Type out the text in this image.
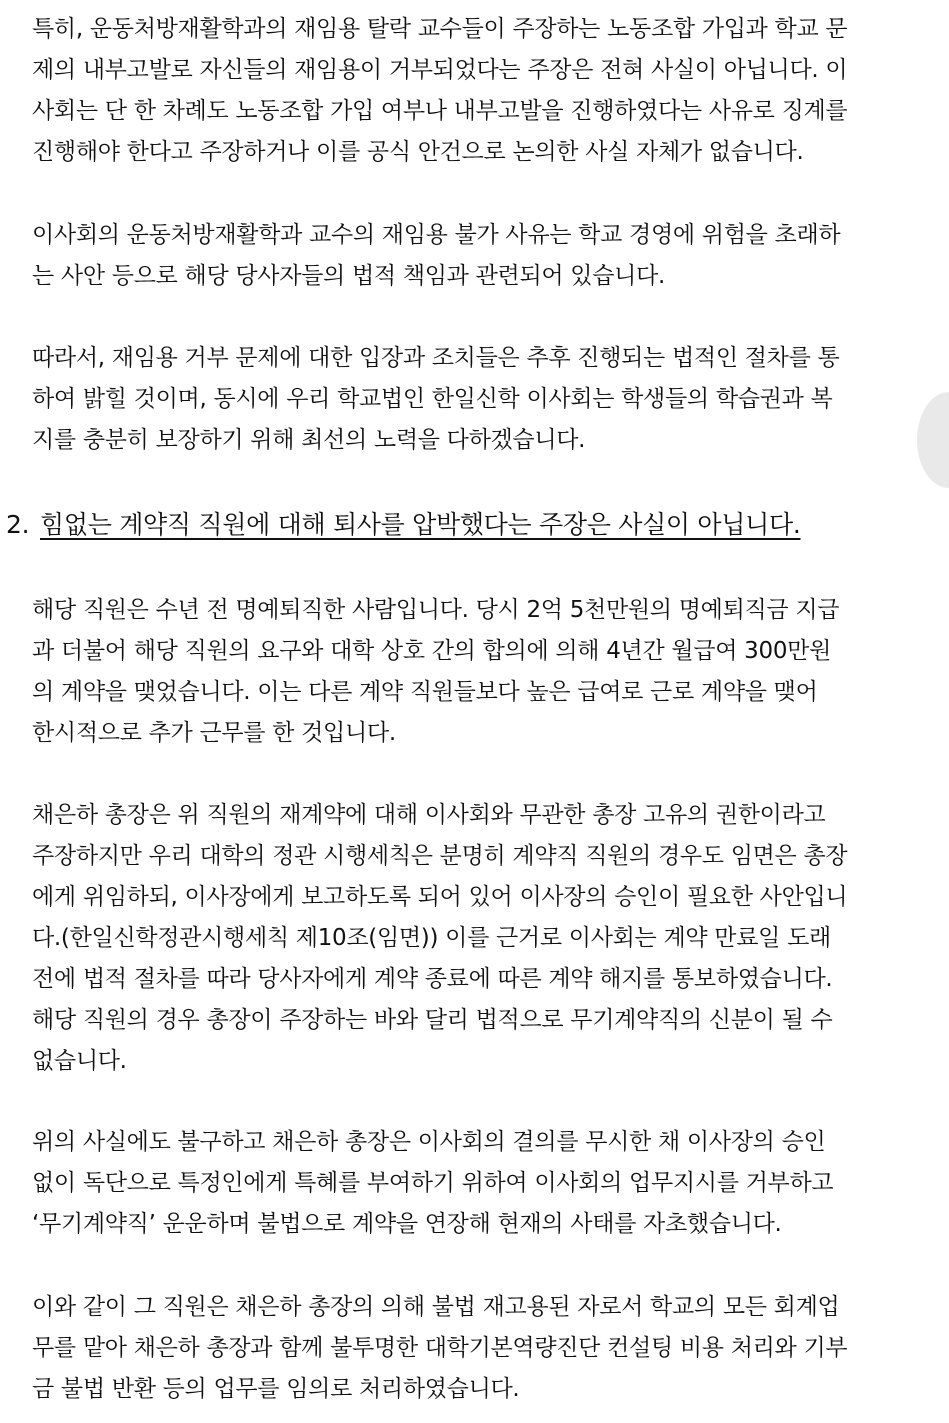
특히, 운동처방재활학과의 재임용 탈락 교수들이 주장하는 노동조합 가입과 학교 문
제의 내부고발로 자신들의 재임용이 거부되었다는 주장은 전혀 사실이 아닙니다. 이
사회는 단 한 차례도 노동조합 가입 여부나 내부고발을 진행하였다는 사유로 징계를
진행해야 한다고 주장하거나 이를 공식 안건으로 논의한 사실 자체가 없습니다.
이사회의 운동처방재활학과 교수의 재임용 불가 사유는 학교 경영에 위험을 초래하
는 사안 등으로 해당 당사자들의 법적 책임과 관련되어 있습니다.
따라서, 재임용 거부 문제에 대한 입장과 조치들은 추후 진행되는 법적인 절차를 통
하여 밝힐 것이며, 동시에 우리 학교법인 한일신학 이사회는 학생들의 학습권과 복
지를 충분히 보장하기 위해 최선의 노력을 다하겠습니다.
2. 힘없는 계약직 직원에 대해 퇴사를 압박했다는 주장은 사실이 아닙니다.
해당 직원은 수년 전 명예퇴직한 사람입니다. 당시 2억 5천만원의 명예퇴직금 지급
과 더불어 해당 직원의 요구와 대학 상호 간의 합의에 의해 4년간 월급여 300만원
의 계약을 맺었습니다. 이는 다른 계약 직원들보다 높은 급여로 근로 계약을 맺어
한시적으로 추가 근무를 한 것입니다.
채은하 총장은 위 직원의 재계약에 대해 이사회와 무관한 총장 고유의 권한이라고
주장하지만 우리 대학의 정관 시행세칙은 분명히 계약직 직원의 경우도 임면은 총장
에게 위임하되, 이사장에게 보고하도록 되어 있어 이사장의 승인이 필요한 사안입니
다.(한일신학정관시행세칙 제10조(임면)) 이를 근거로 이사회는 계약 만료일 도래
전에 법적 절차를 따라 당사자에게 계약 종료에 따른 계약 해지를 통보하였습니다.
해당 직원의 경우 총장이 주장하는 바와 달리 법적으로 무기계약직의 신분이 될 수
없습니다.
위의 사실에도 불구하고 채은하 총장은 이사회의 결의를 무시한 채 이사장의 승인
없이 독단으로 특정인에게 특혜를 부여하기 위하여 이사회의 업무지시를 거부하고
‘무기계약직’ 운운하며 불법으로 계약을 연장해 현재의 사태를 자초했습니다.
이와 같이 그 직원은 채은하 총장의 의해 불법 재고용된 자로서 학교의 모든 회계업
무를 맡아 채은하 총장과 함께 불투명한 대학기본역량진단 컨설팅 비용 처리와 기부
금 불법 반환 등의 업무를 임의로 처리하였습니다.
